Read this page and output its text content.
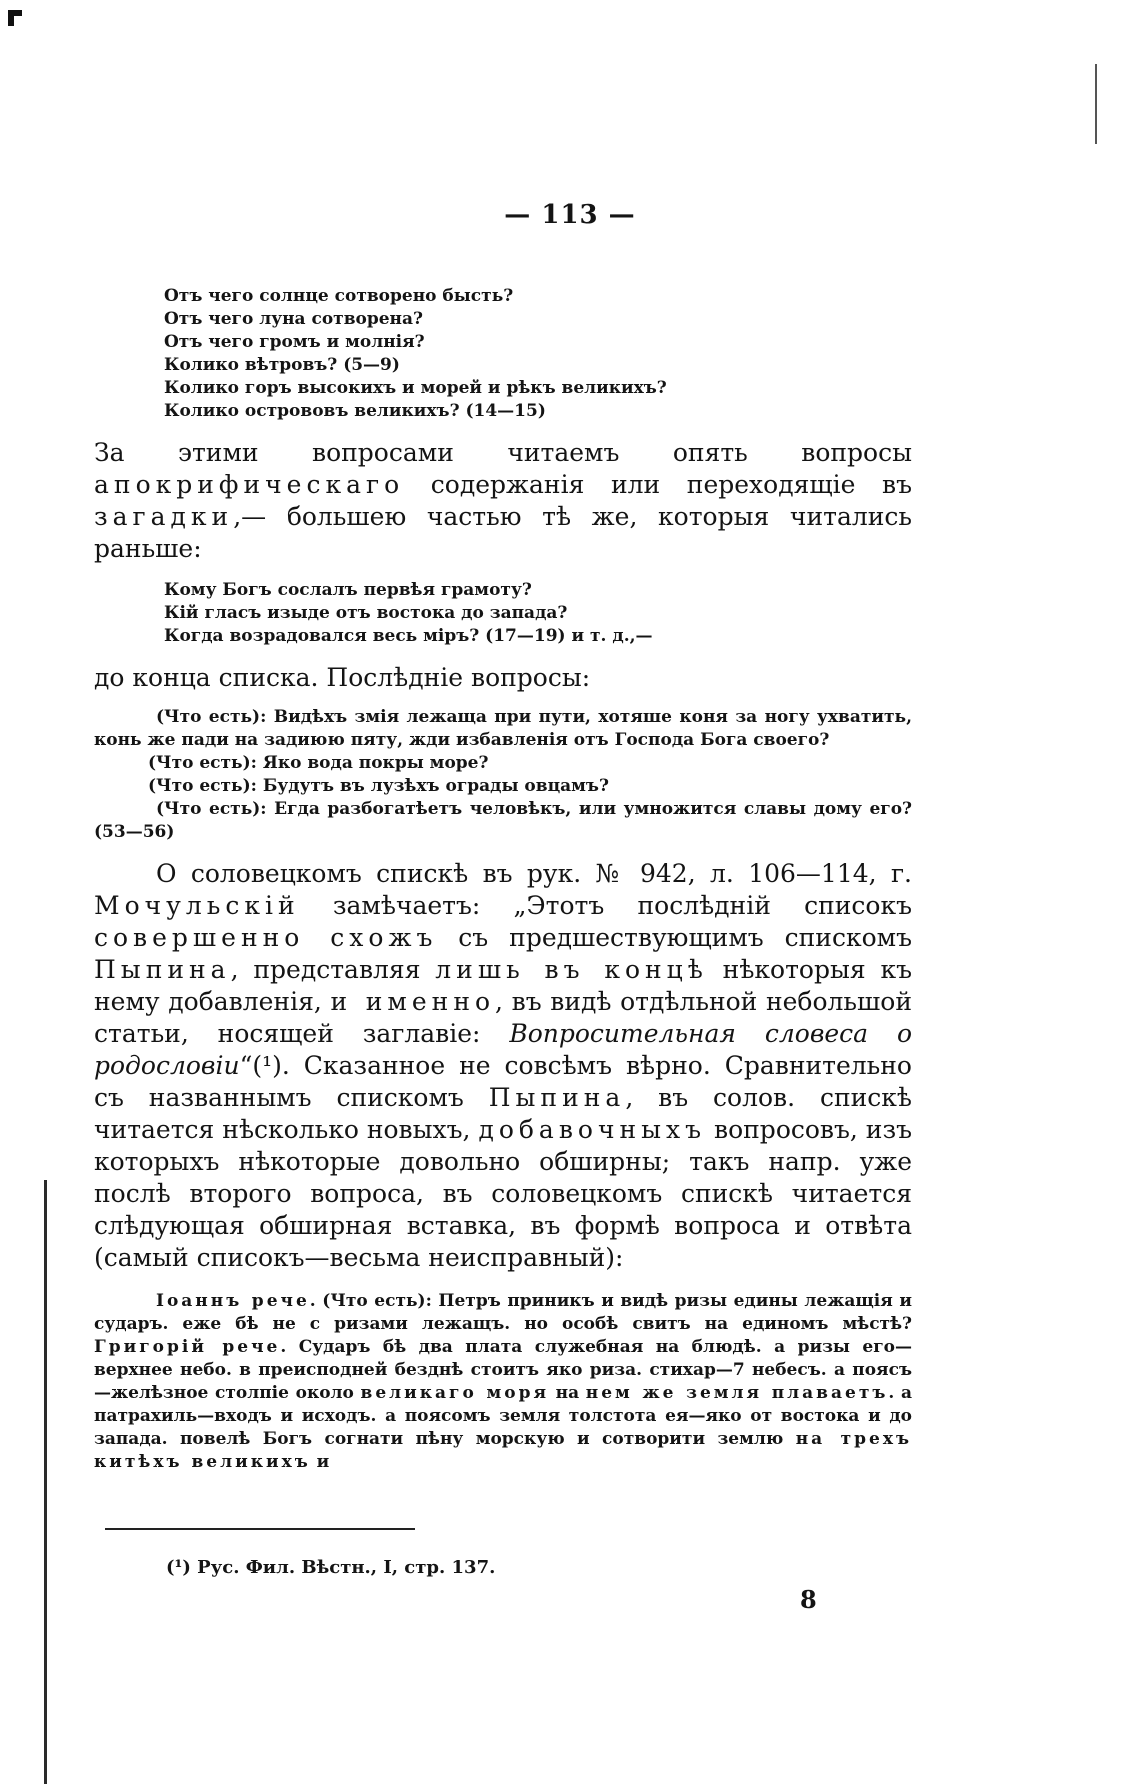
— 113 —
Отъ чего солнце сотворено бысть?
Отъ чего луна сотворена?
Отъ чего громъ и молнія?
Колико вѣтровъ? (5—9)
Колико горъ высокихъ и морей и рѣкъ великихъ?
Колико острововъ великихъ? (14—15)

За этими вопросами читаемъ опять вопросы апокрифическаго содержанія или переходящіе въ загадки,— большею частью тѣ же, которыя читались раньше:

Кому Богъ сослалъ первѣя грамоту?
Кій гласъ изыде отъ востока до запада?
Когда возрадовался весь міръ? (17—19) и т. д.,—

до конца списка. Послѣдніе вопросы:

(Что есть): Видѣхъ змія лежаща при пути, хотяше коня за ногу ухватить, конь же пади на задиюю пяту, жди избавленія отъ Господа Бога своего?
(Что есть): Яко вода покры море?
(Что есть): Будутъ въ лузѣхъ ограды овцамъ?
(Что есть): Егда разбогатѣетъ человѣкъ, или умножится славы дому его? (53—56)

О соловецкомъ спискѣ въ рук. № 942, л. 106—114, г. Мочульскій замѣчаетъ: „Этотъ послѣдній списокъ совершенно схожъ съ предшествующимъ спискомъ Пыпина, представляя лишь въ концѣ нѣкоторыя къ нему добавленія, и именно, въ видѣ отдѣльной небольшой статьи, носящей заглавіе: Вопросительная словеса о родословіи“(¹). Сказанное не совсѣмъ вѣрно. Сравнительно съ названнымъ спискомъ Пыпина, въ солов. спискѣ читается нѣсколько новыхъ, добавочныхъ вопросовъ, изъ которыхъ нѣкоторые довольно обширны; такъ напр. уже послѣ второго вопроса, въ соловецкомъ спискѣ читается слѣдующая обширная вставка, въ формѣ вопроса и отвѣта (самый списокъ—весьма неисправный):

Іоаннъ рече. (Что есть): Петръ приникъ и видѣ ризы едины лежащія и сударъ. еже бѣ не с ризами лежащъ. но особѣ свитъ на единомъ мѣстѣ? Григорій рече. Сударъ бѣ два плата служебная на блюдѣ. а ризы его—верхнее небо. в преисподней безднѣ стоитъ яко риза. стихар—7 небесъ. а поясъ—желѣзное столпіе около великаго моря на нем же земля плаваетъ. а патрахиль—входъ и исходъ. а поясомъ земля толстота ея—яко от востока и до запада. повелѣ Богъ согнати пѣну морскую и сотворити землю на трехъ китѣхъ великихъ и

(¹) Рус. Фил. Вѣстн., I, стр. 137.
8
